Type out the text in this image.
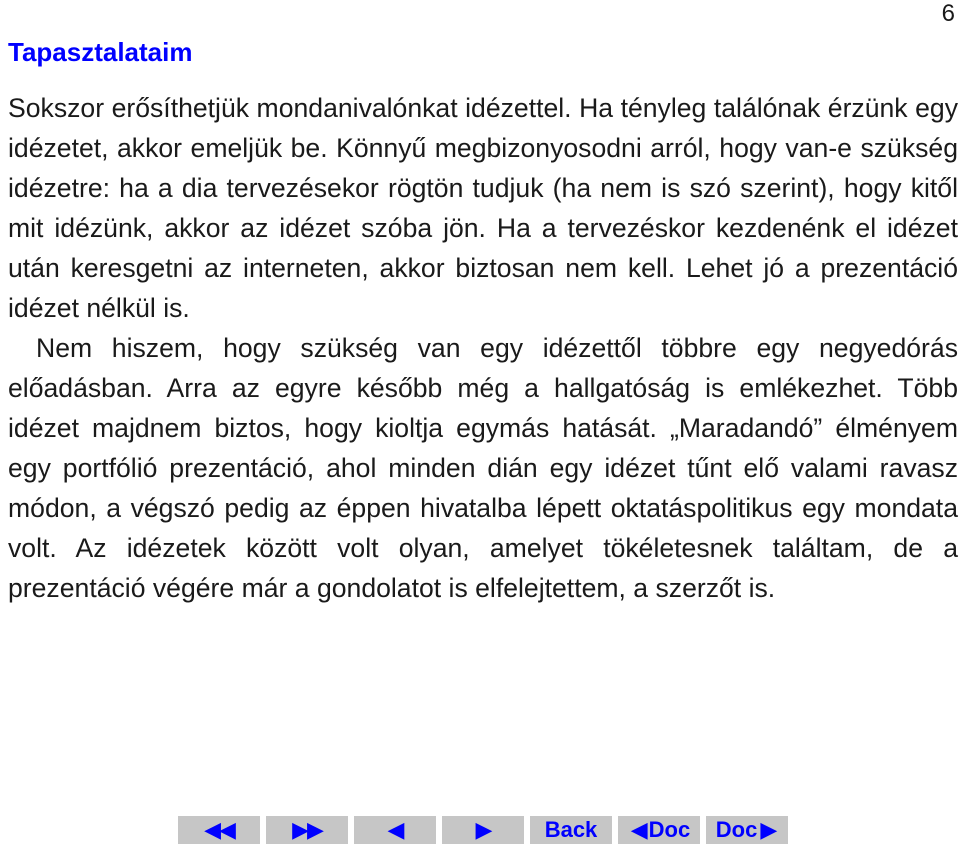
6
Tapasztalataim

Sokszor erősíthetjük mondanivalónkat idézettel. Ha tényleg találónak érzünk egy idézetet, akkor emeljük be. Könnyű megbizonyosodni arról, hogy van-e szükség idézetre: ha a dia tervezésekor rögtön tudjuk (ha nem is szó szerint), hogy kitől mit idézünk, akkor az idézet szóba jön. Ha a tervezéskor kezdenénk el idézet után keresgetni az interneten, akkor biztosan nem kell. Lehet jó a prezentáció idézet nélkül is.

Nem hiszem, hogy szükség van egy idézettől többre egy negyedórás előadásban. Arra az egyre később még a hallgatóság is emlékezhet. Több idézet majdnem biztos, hogy kioltja egymás hatását. „Maradandó” élményem egy portfólió prezentáció, ahol minden dián egy idézet tűnt elő valami ravasz módon, a végszó pedig az éppen hivatalba lépett oktatáspolitikus egy mondata volt. Az idézetek között volt olyan, amelyet tökéletesnek találtam, de a prezentáció végére már a gondolatot is elfelejtettem, a szerzőt is.

◀◀	▶▶	◀	▶ Back ◀ Doc Doc ▶
